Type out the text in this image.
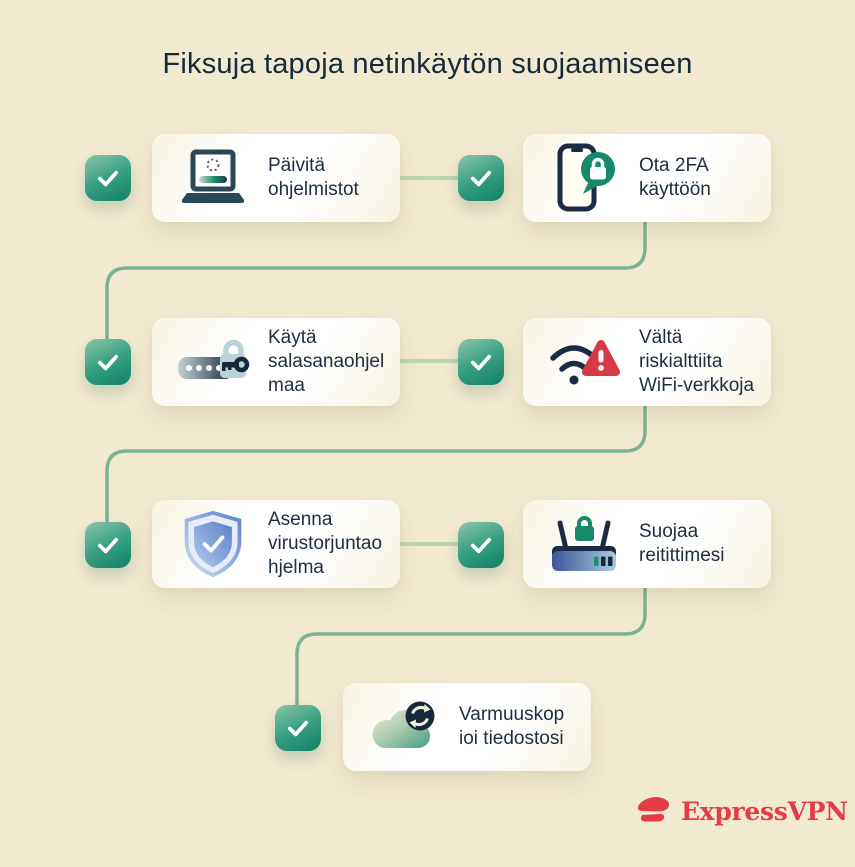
Fiksuja tapoja netinkäytön suojaamiseen
Päivitä
ohjelmistot
Ota 2FA
käyttöön
Käytä
salasanaohjel
maa
Vältä
riskialttiita
WiFi-verkkoja
Asenna
virustorjuntao
hjelma
Suojaa
reitittimesi
Varmuuskop
ioi tiedostosi
ExpressVPN
